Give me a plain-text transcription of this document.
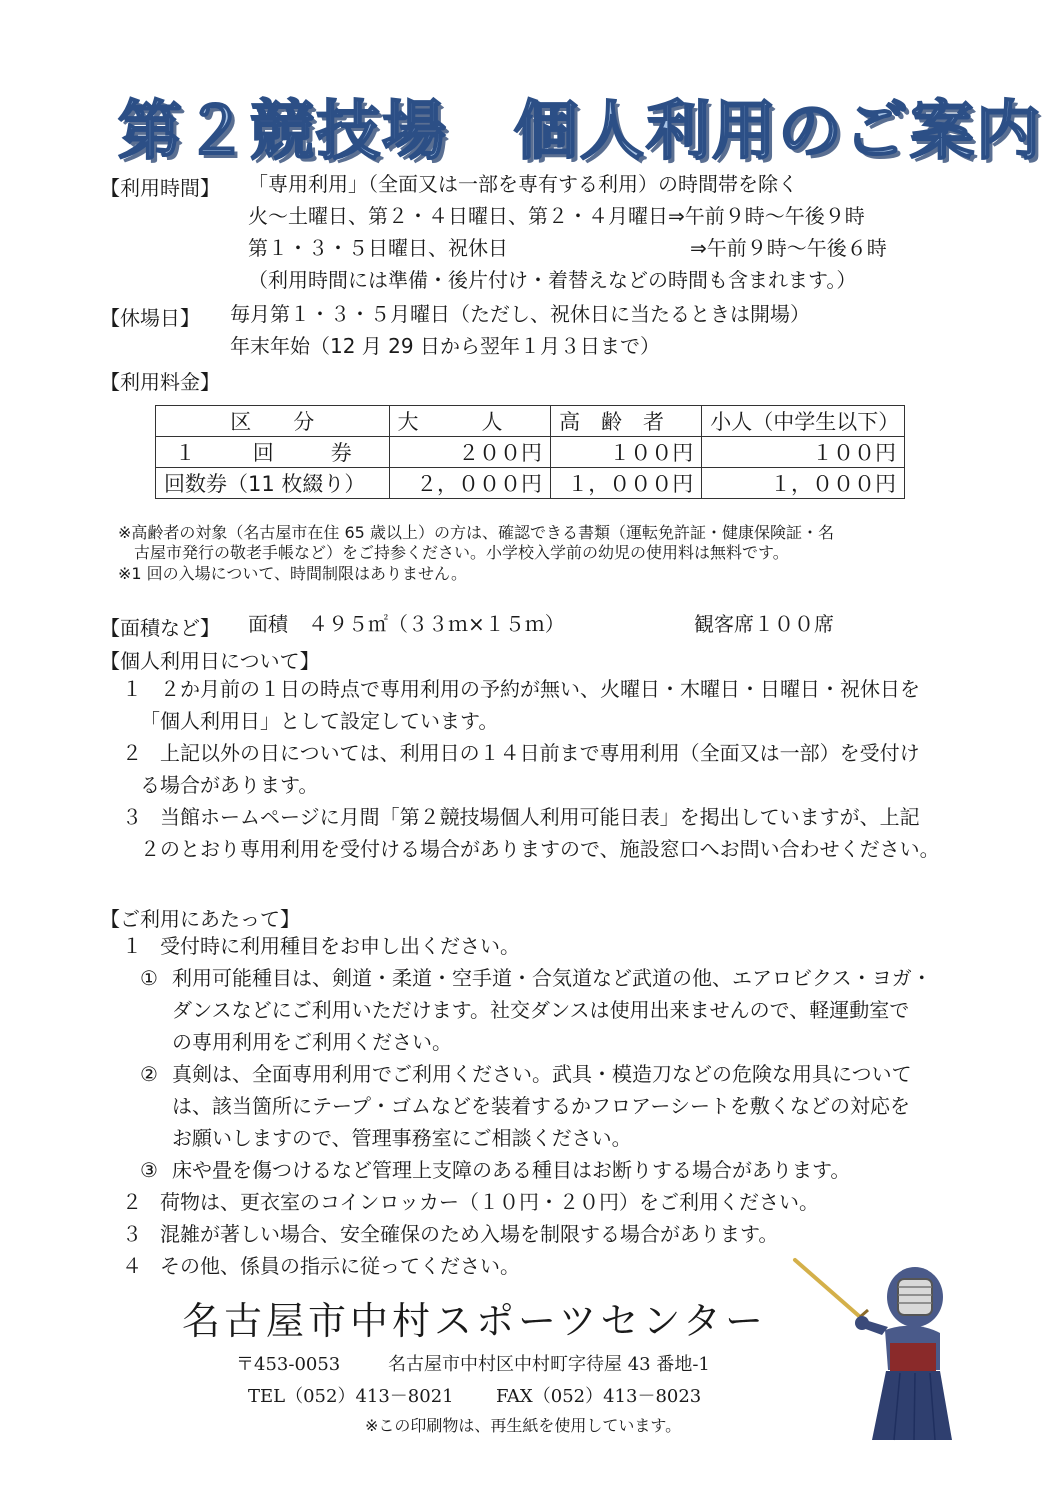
第２競技場　個人利用のご案内
【利用時間】 「専用利用」（全面又は一部を専有する利用）の時間帯を除く
火～土曜日、第２・４日曜日、第２・４月曜日⇒午前９時～午後９時
第１・３・５日曜日、祝休日	⇒午前９時～午後６時
（利用時間には準備・後片付け・着替えなどの時間も含まれます。）
【休場日】 毎月第１・３・５月曜日（ただし、祝休日に当たるときは開場）
年末年始（12 月 29 日から翌年１月３日まで）
【利用料金】
区　　分	大　　　人	高　齢　者	小人（中学生以下）
１　回　券	２００円	１００円	１００円
回数券（11 枚綴り）	２，０００円	１，０００円	１，０００円
※高齢者の対象（名古屋市在住 65 歳以上）の方は、確認できる書類（運転免許証・健康保険証・名
古屋市発行の敬老手帳など）をご持参ください。小学校入学前の幼児の使用料は無料です。
※1 回の入場について、時間制限はありません。
【面積など】 面積　４９５㎡（３３ｍ×１５ｍ）	観客席１００席
【個人利用日について】
１ ２か月前の１日の時点で専用利用の予約が無い、火曜日・木曜日・日曜日・祝休日を
「個人利用日」として設定しています。
２ 上記以外の日については、利用日の１４日前まで専用利用（全面又は一部）を受付け
る場合があります。
３ 当館ホームページに月間「第２競技場個人利用可能日表」を掲出していますが、上記
２のとおり専用利用を受付ける場合がありますので、施設窓口へお問い合わせください。
【ご利用にあたって】
１ 受付時に利用種目をお申し出ください。
① 利用可能種目は、剣道・柔道・空手道・合気道など武道の他、エアロビクス・ヨガ・
ダンスなどにご利用いただけます。社交ダンスは使用出来ませんので、軽運動室で
の専用利用をご利用ください。
② 真剣は、全面専用利用でご利用ください。武具・模造刀などの危険な用具について
は、該当箇所にテープ・ゴムなどを装着するかフロアーシートを敷くなどの対応を
お願いしますので、管理事務室にご相談ください。
③ 床や畳を傷つけるなど管理上支障のある種目はお断りする場合があります。
２ 荷物は、更衣室のコインロッカー（１０円・２０円）をご利用ください。
３ 混雑が著しい場合、安全確保のため入場を制限する場合があります。
４ その他、係員の指示に従ってください。
名古屋市中村スポーツセンター
〒453-0053	名古屋市中村区中村町字待屋 43 番地-1
TEL（052）413－8021 FAX（052）413－8023
※この印刷物は、再生紙を使用しています。
